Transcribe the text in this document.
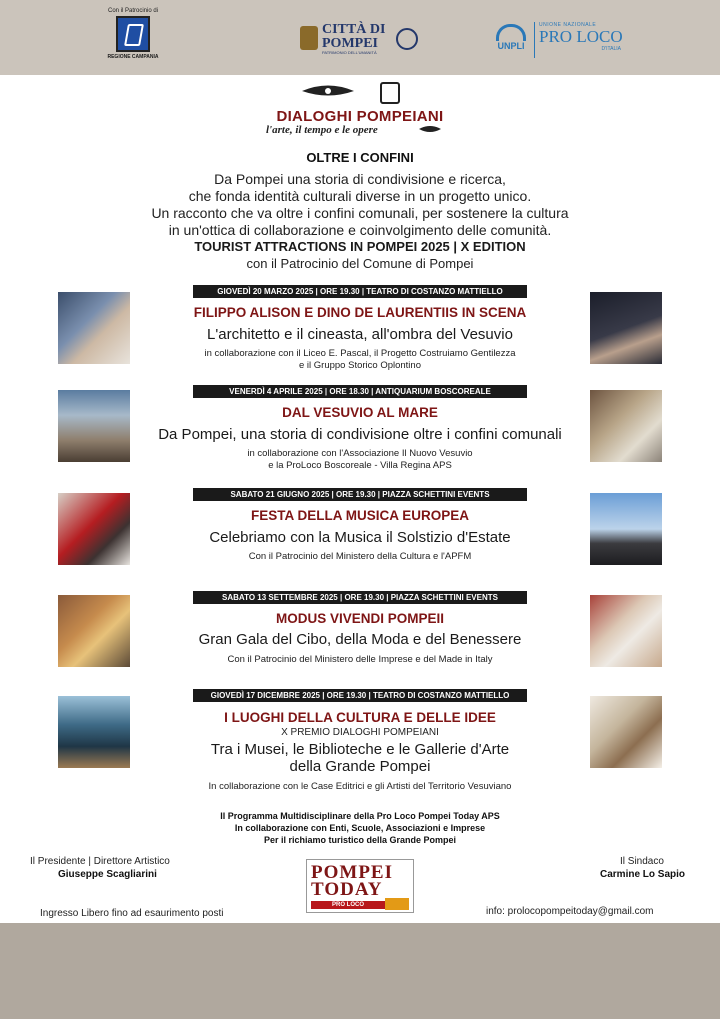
Con il Patrocinio di
REGIONE CAMPANIA
CITTÀ DI POMPEI
PATRIMONIO DELL'UMANITÀ
UNPLI
UNIONE NAZIONALE
PRO LOCO
D'ITALIA
DIALOGHI POMPEIANI
l'arte, il tempo e le opere
OLTRE I CONFINI
Da Pompei una storia di condivisione e ricerca,
che fonda identità culturali diverse in un progetto unico.
Un racconto che va oltre i confini comunali, per sostenere la cultura
in un'ottica di collaborazione e coinvolgimento delle comunità.
TOURIST ATTRACTIONS IN POMPEI 2025 | X EDITION
con il Patrocinio del Comune di Pompei
GIOVEDÌ 20 MARZO 2025 | ORE 19.30 | TEATRO DI COSTANZO MATTIELLO
FILIPPO ALISON E DINO DE LAURENTIIS IN SCENA
L'architetto e il cineasta, all'ombra del Vesuvio
in collaborazione con il Liceo E. Pascal, il Progetto Costruiamo Gentilezza
e il Gruppo Storico Oplontino
VENERDÌ 4 APRILE 2025 | ORE 18.30 | ANTIQUARIUM BOSCOREALE
DAL VESUVIO AL MARE
Da Pompei, una storia di condivisione oltre i confini comunali
in collaborazione con l'Associazione Il Nuovo Vesuvio
e la ProLoco Boscoreale - Villa Regina APS
SABATO 21 GIUGNO 2025 | ORE 19.30 | PIAZZA SCHETTINI EVENTS
FESTA DELLA MUSICA EUROPEA
Celebriamo con la Musica il Solstizio d'Estate
Con il Patrocinio del Ministero della Cultura e l'APFM
SABATO 13 SETTEMBRE 2025 | ORE 19.30 | PIAZZA SCHETTINI EVENTS
MODUS VIVENDI POMPEII
Gran Gala del Cibo, della Moda e del Benessere
Con il Patrocinio del Ministero delle Imprese e del Made in Italy
GIOVEDÌ 17 DICEMBRE 2025 | ORE 19.30 | TEATRO DI COSTANZO MATTIELLO
I LUOGHI DELLA CULTURA E DELLE IDEE
X PREMIO DIALOGHI POMPEIANI
Tra i Musei, le Biblioteche e le Gallerie d'Arte
della Grande Pompei
In collaborazione con le Case Editrici e gli Artisti del Territorio Vesuviano
Il Programma Multidisciplinare della Pro Loco Pompei Today APS
In collaborazione con Enti, Scuole, Associazioni e Imprese
Per il richiamo turistico della Grande Pompei
Il Presidente | Direttore Artistico
Giuseppe Scagliarini
Il Sindaco
Carmine Lo Sapio
POMPEI
TODAY
PRO LOCO
Ingresso Libero fino ad esaurimento posti	info: prolocopompeitoday@gmail.com
